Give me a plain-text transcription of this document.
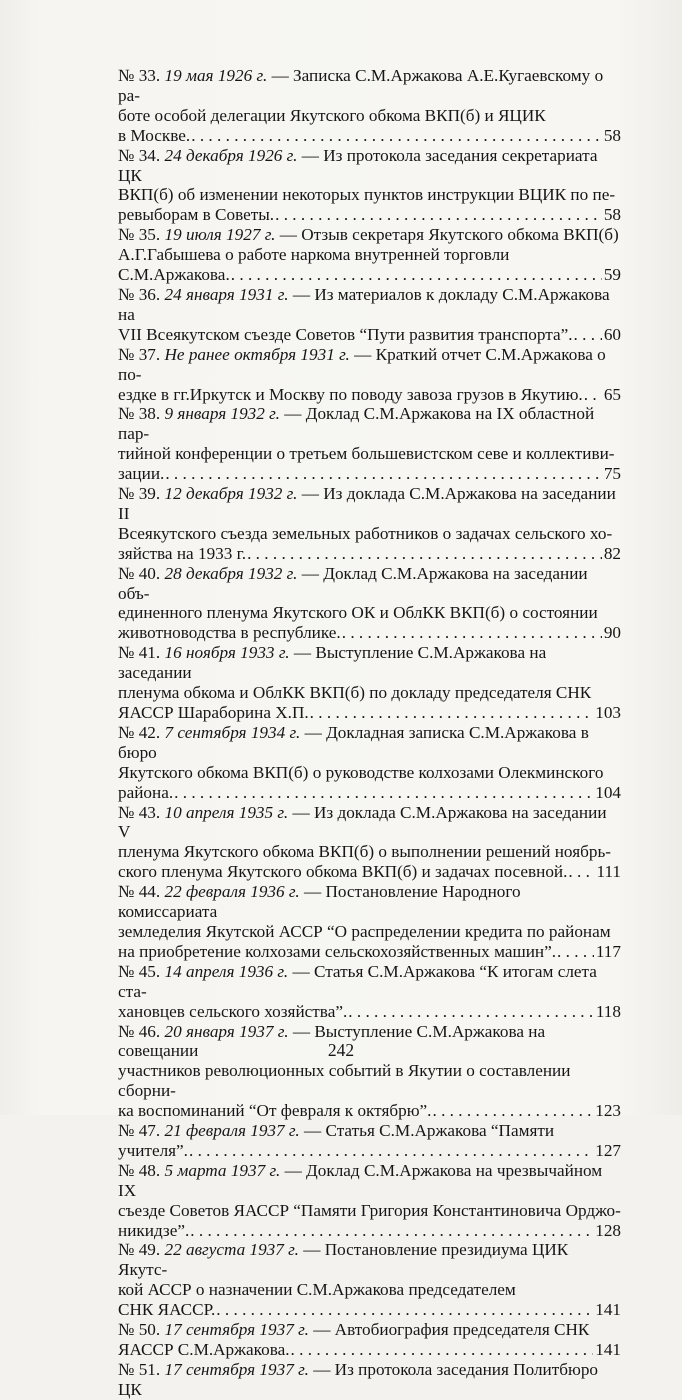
№ 33. 19 мая 1926 г. — Записка С.М.Аржакова А.Е.Кугаевскому о ра-
боте особой делегации Якутского обкома ВКП(б) и ЯЦИК
в Москве. . . .	58
№ 34. 24 декабря 1926 г. — Из протокола заседания секретариата ЦК
ВКП(б) об изменении некоторых пунктов инструкции ВЦИК по пе-
ревыборам в Советы. . . .	58
№ 35. 19 июля 1927 г. — Отзыв секретаря Якутского обкома ВКП(б)
А.Г.Габышева о работе наркома внутренней торговли
С.М.Аржакова. . . .	59
№ 36. 24 января 1931 г. — Из материалов к докладу С.М.Аржакова на
VII Всеякутском съезде Советов “Пути развития транспорта”. . . . 60
№ 37. Не ранее октября 1931 г. — Краткий отчет С.М.Аржакова о по-
ездке в гг.Иркутск и Москву по поводу завоза грузов в Якутию. . . . 65
№ 38. 9 января 1932 г. — Доклад С.М.Аржакова на IX областной пар-
тийной конференции о третьем большевистском севе и коллективи-
зации. . . .	75
№ 39. 12 декабря 1932 г. — Из доклада С.М.Аржакова на заседании II
Всеякутского съезда земельных работников о задачах сельского хо-
зяйства на 1933 г. . . .	82
№ 40. 28 декабря 1932 г. — Доклад С.М.Аржакова на заседании объ-
единенного пленума Якутского ОК и ОблКК ВКП(б) о состоянии
животноводства в республике. . . .	90
№ 41. 16 ноября 1933 г. — Выступление С.М.Аржакова на заседании
пленума обкома и ОблКК ВКП(б) по докладу председателя СНК
ЯАССР Шараборина Х.П. . . .	103
№ 42. 7 сентября 1934 г. — Докладная записка С.М.Аржакова в бюро
Якутского обкома ВКП(б) о руководстве колхозами Олекминского
района. . . .	104
№ 43. 10 апреля 1935 г. — Из доклада С.М.Аржакова на заседании V
пленума Якутского обкома ВКП(б) о выполнении решений ноябрь-
ского пленума Якутского обкома ВКП(б) и задачах посевной. . . . 111
№ 44. 22 февраля 1936 г. — Постановление Народного комиссариата
земледелия Якутской АССР “О распределении кредита по районам
на приобретение колхозами сельскохозяйственных машин”. . . . 117
№ 45. 14 апреля 1936 г. — Статья С.М.Аржакова “К итогам слета ста-
хановцев сельского хозяйства”. . . .	118
№ 46. 20 января 1937 г. — Выступление С.М.Аржакова на совещании
участников революционных событий в Якутии о составлении сборни-
ка воспоминаний “От февраля к октябрю”. . . .	123
№ 47. 21 февраля 1937 г. — Статья С.М.Аржакова “Памяти
учителя”. . . .	127
№ 48. 5 марта 1937 г. — Доклад С.М.Аржакова на чрезвычайном IX
съезде Советов ЯАССР “Памяти Григория Константиновича Орджо-
никидзе”. . . .	128
№ 49. 22 августа 1937 г. — Постановление президиума ЦИК Якутс-
кой АССР о назначении С.М.Аржакова председателем
СНК ЯАССР. . . .	141
№ 50. 17 сентября 1937 г. — Автобиография председателя СНК
ЯАССР С.М.Аржакова. . . .	141
№ 51. 17 сентября 1937 г. — Из протокола заседания Политбюро ЦК
242
